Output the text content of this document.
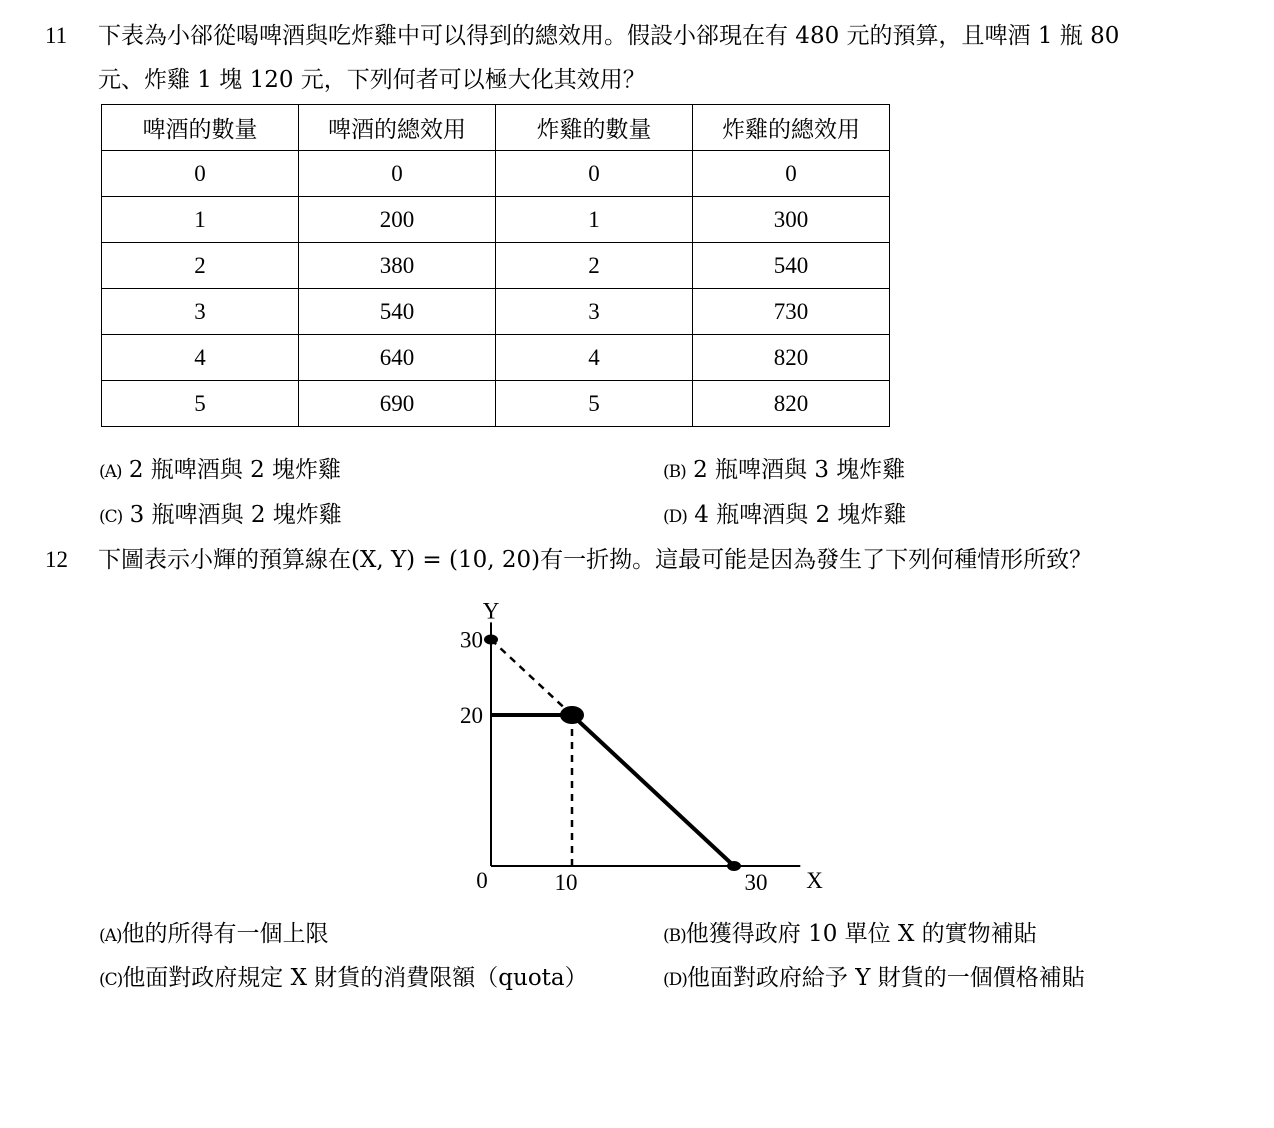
11 下表為小郤從喝啤酒與吃炸雞中可以得到的總效用。假設小郤現在有 480 元的預算，且啤酒 1 瓶 80
元、炸雞 1 塊 120 元，下列何者可以極大化其效用？
啤酒的數量	啤酒的總效用	炸雞的數量	炸雞的總效用
0	0	0	0
1	200	1	300
2	380	2	540
3	540	3	730
4	640	4	820
5	690	5	820
(A) 2 瓶啤酒與 2 塊炸雞	(B) 2 瓶啤酒與 3 塊炸雞
(C) 3 瓶啤酒與 2 塊炸雞	(D) 4 瓶啤酒與 2 塊炸雞
12 下圖表示小輝的預算線在(X, Y) = (10, 20)有一折拗。這最可能是因為發生了下列何種情形所致？
Y
X
0	10	30
20
30
(A)他的所得有一個上限	(B)他獲得政府 10 單位 X 的實物補貼
(C)他面對政府規定 X 財貨的消費限額（quota）	(D)他面對政府給予 Y 財貨的一個價格補貼
